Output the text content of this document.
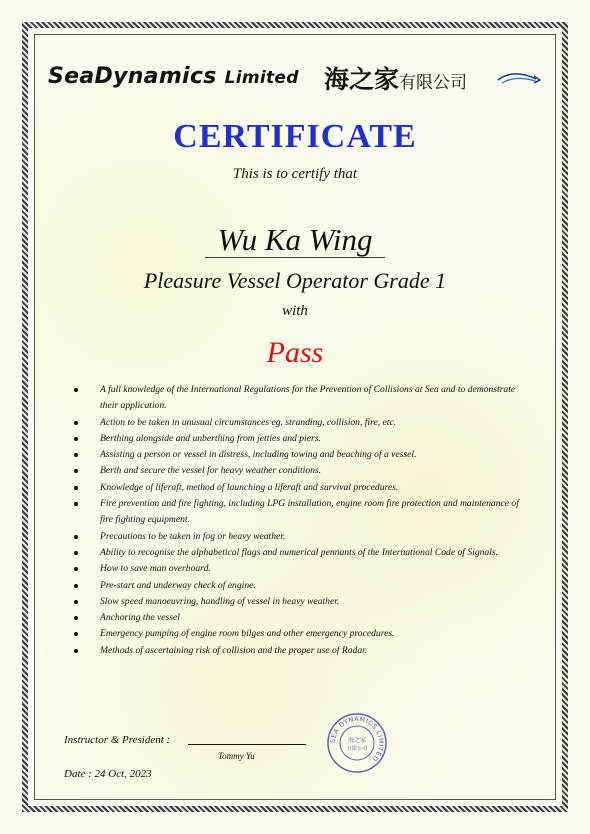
SeaDynamics Limited 海之家有限公司
CERTIFICATE
This is to certify that
Wu Ka Wing
Pleasure Vessel Operator Grade 1
with
Pass
A full knowledge of the International Regulations for the Prevention of Collisions at Sea and to demonstrate their application.
Action to be taken in unusual circumstances eg. stranding, collision, fire, etc.
Berthing alongside and unberthing from jetties and piers.
Assisting a person or vessel in distress, including towing and beaching of a vessel.
Berth and secure the vessel for heavy weather conditions.
Knowledge of liferaft, method of launching a liferaft and survival procedures.
Fire prevention and fire fighting, including LPG installation, engine room fire protection and maintenance of fire fighting equipment.
Precautions to be taken in fog or heavy weather.
Ability to recognise the alphabetical flags and numerical pennants of the International Code of Signals.
How to save man overboard.
Pre-start and underway check of engine.
Slow speed manoeuvring, handling of vessel in heavy weather.
Anchoring the vessel
Emergency pumping of engine room bilges and other emergency procedures.
Methods of ascertaining risk of collision and the proper use of Radar.
Instructor & President :
Tommy Yu
Date : 24 Oct, 2023
SEA DYNAMICS LIMITED
海之家
有限公司
